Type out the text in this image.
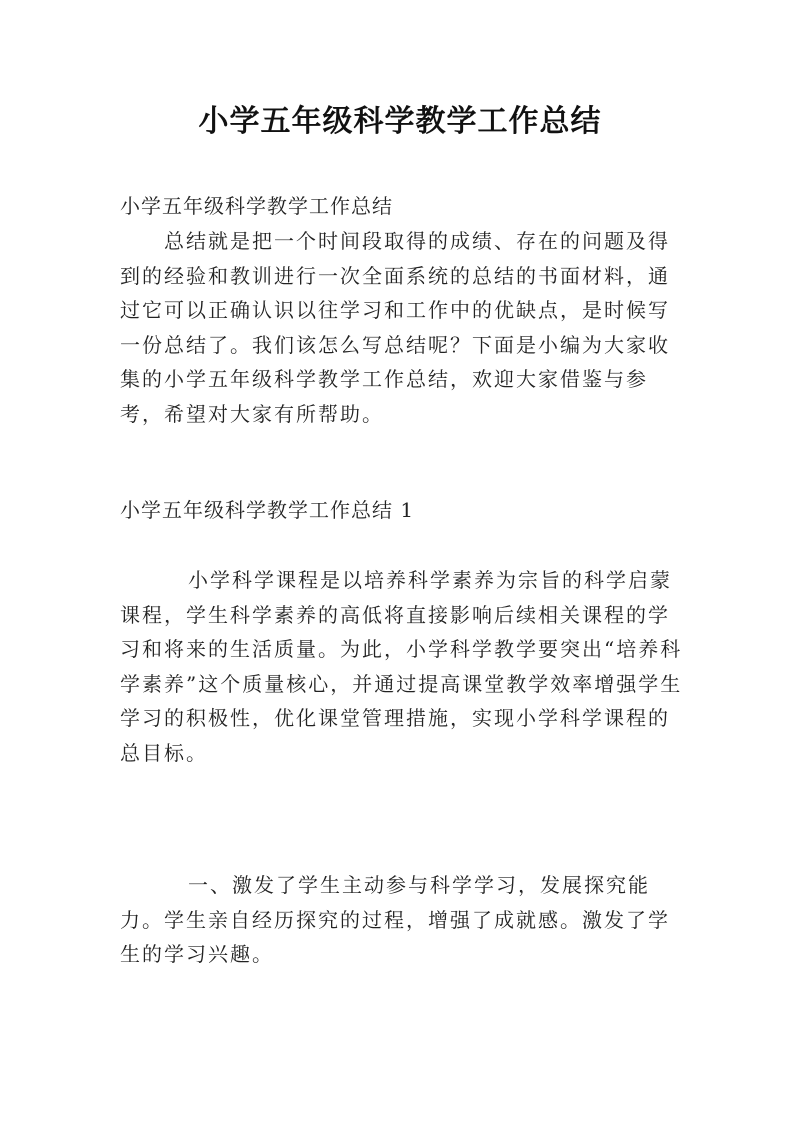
小学五年级科学教学工作总结
小学五年级科学教学工作总结

总结就是把一个时间段取得的成绩、存在的问题及得到的经验和教训进行一次全面系统的总结的书面材料，通过它可以正确认识以往学习和工作中的优缺点，是时候写一份总结了。我们该怎么写总结呢？下面是小编为大家收集的小学五年级科学教学工作总结，欢迎大家借鉴与参考，希望对大家有所帮助。

小学五年级科学教学工作总结 1

小学科学课程是以培养科学素养为宗旨的科学启蒙课程，学生科学素养的高低将直接影响后续相关课程的学习和将来的生活质量。为此，小学科学教学要突出“培养科学素养”这个质量核心，并通过提高课堂教学效率增强学生学习的积极性，优化课堂管理措施，实现小学科学课程的总目标。

一、激发了学生主动参与科学学习，发展探究能力。学生亲自经历探究的过程，增强了成就感。激发了学生的学习兴趣。
